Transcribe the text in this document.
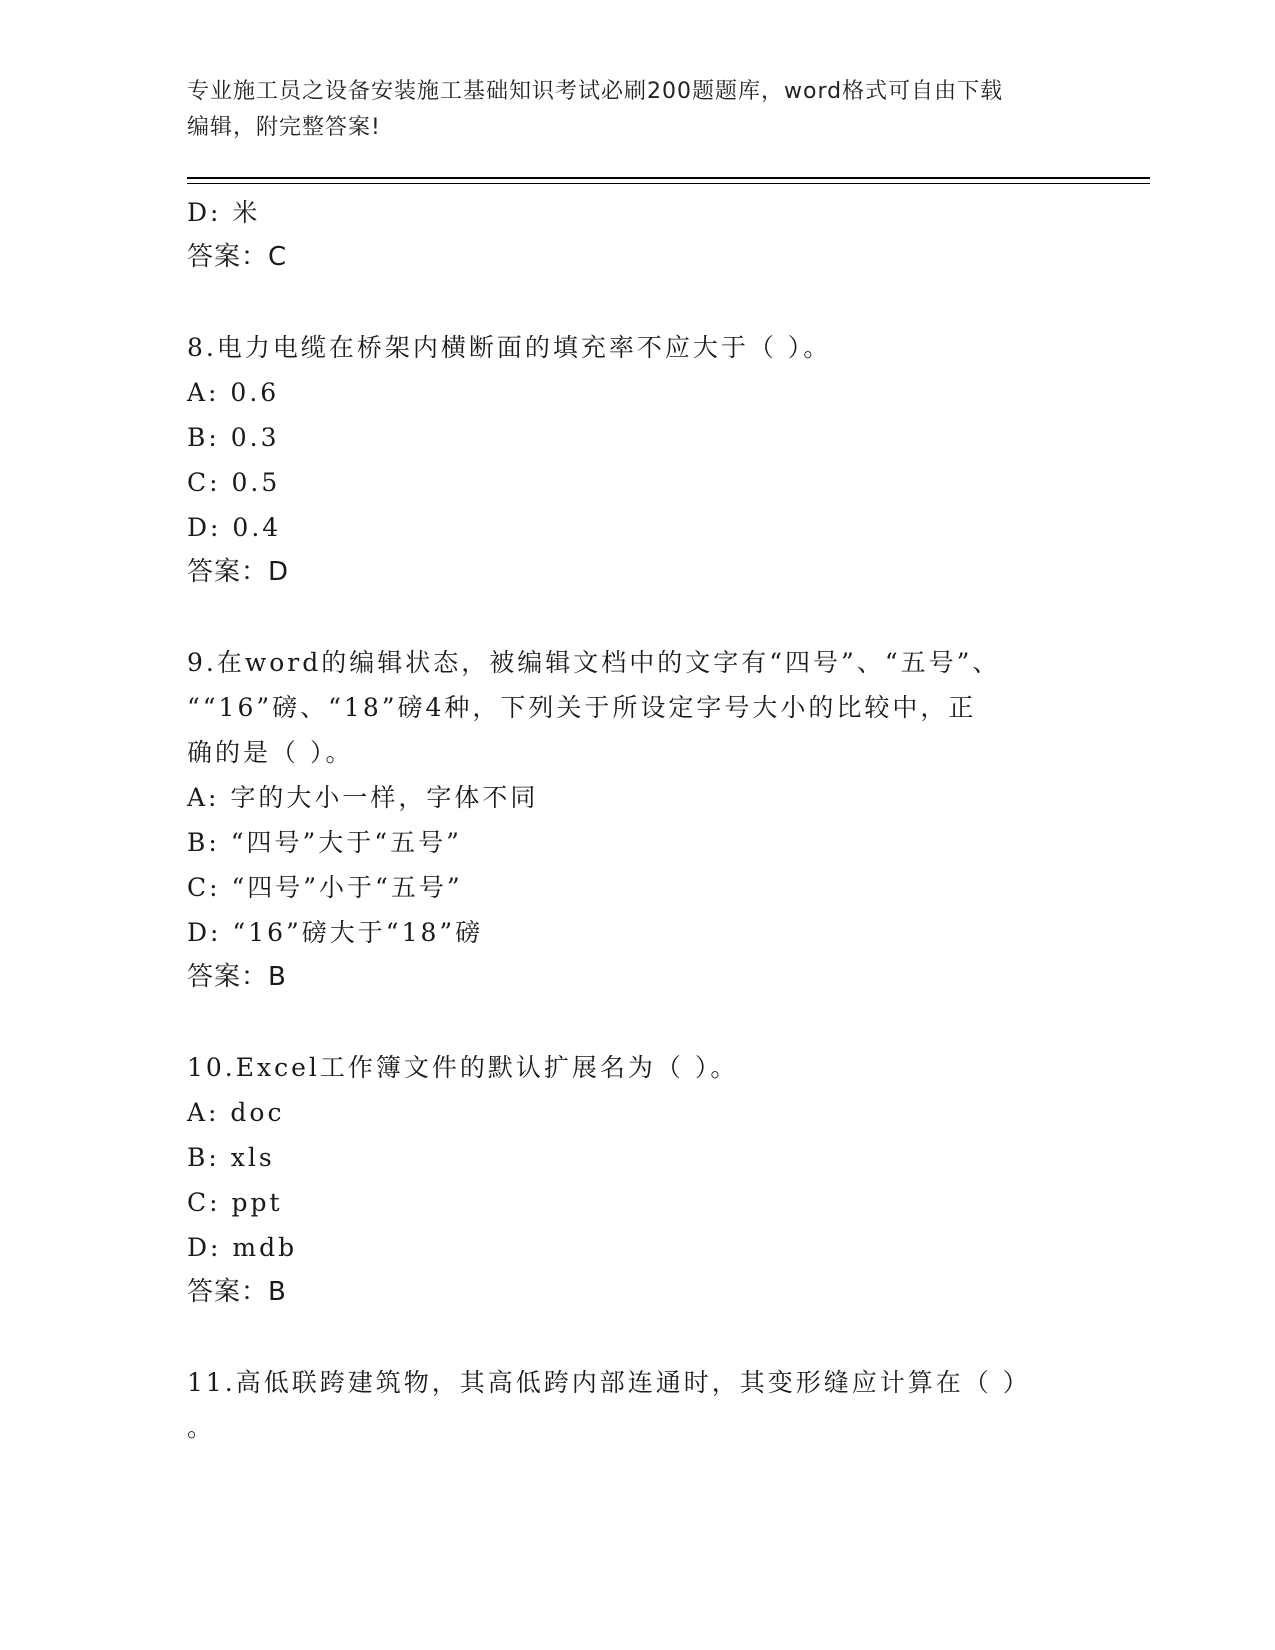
专业施工员之设备安装施工基础知识考试必刷200题题库，word格式可自由下载
编辑，附完整答案!
D: 米
答案：C
8.电力电缆在桥架内横断面的填充率不应大于（ ）。
A: 0.6
B: 0.3
C: 0.5
D: 0.4
答案：D
9.在word的编辑状态，被编辑文档中的文字有“四号”、“五号”、
““16”磅、“18”磅4种，下列关于所设定字号大小的比较中，正
确的是（ ）。
A: 字的大小一样，字体不同
B: “四号”大于“五号”
C: “四号”小于“五号”
D: “16”磅大于“18”磅
答案：B
10.Excel工作簿文件的默认扩展名为（ ）。
A: doc
B: xls
C: ppt
D: mdb
答案：B
11.高低联跨建筑物，其高低跨内部连通时，其变形缝应计算在（ ）
。
